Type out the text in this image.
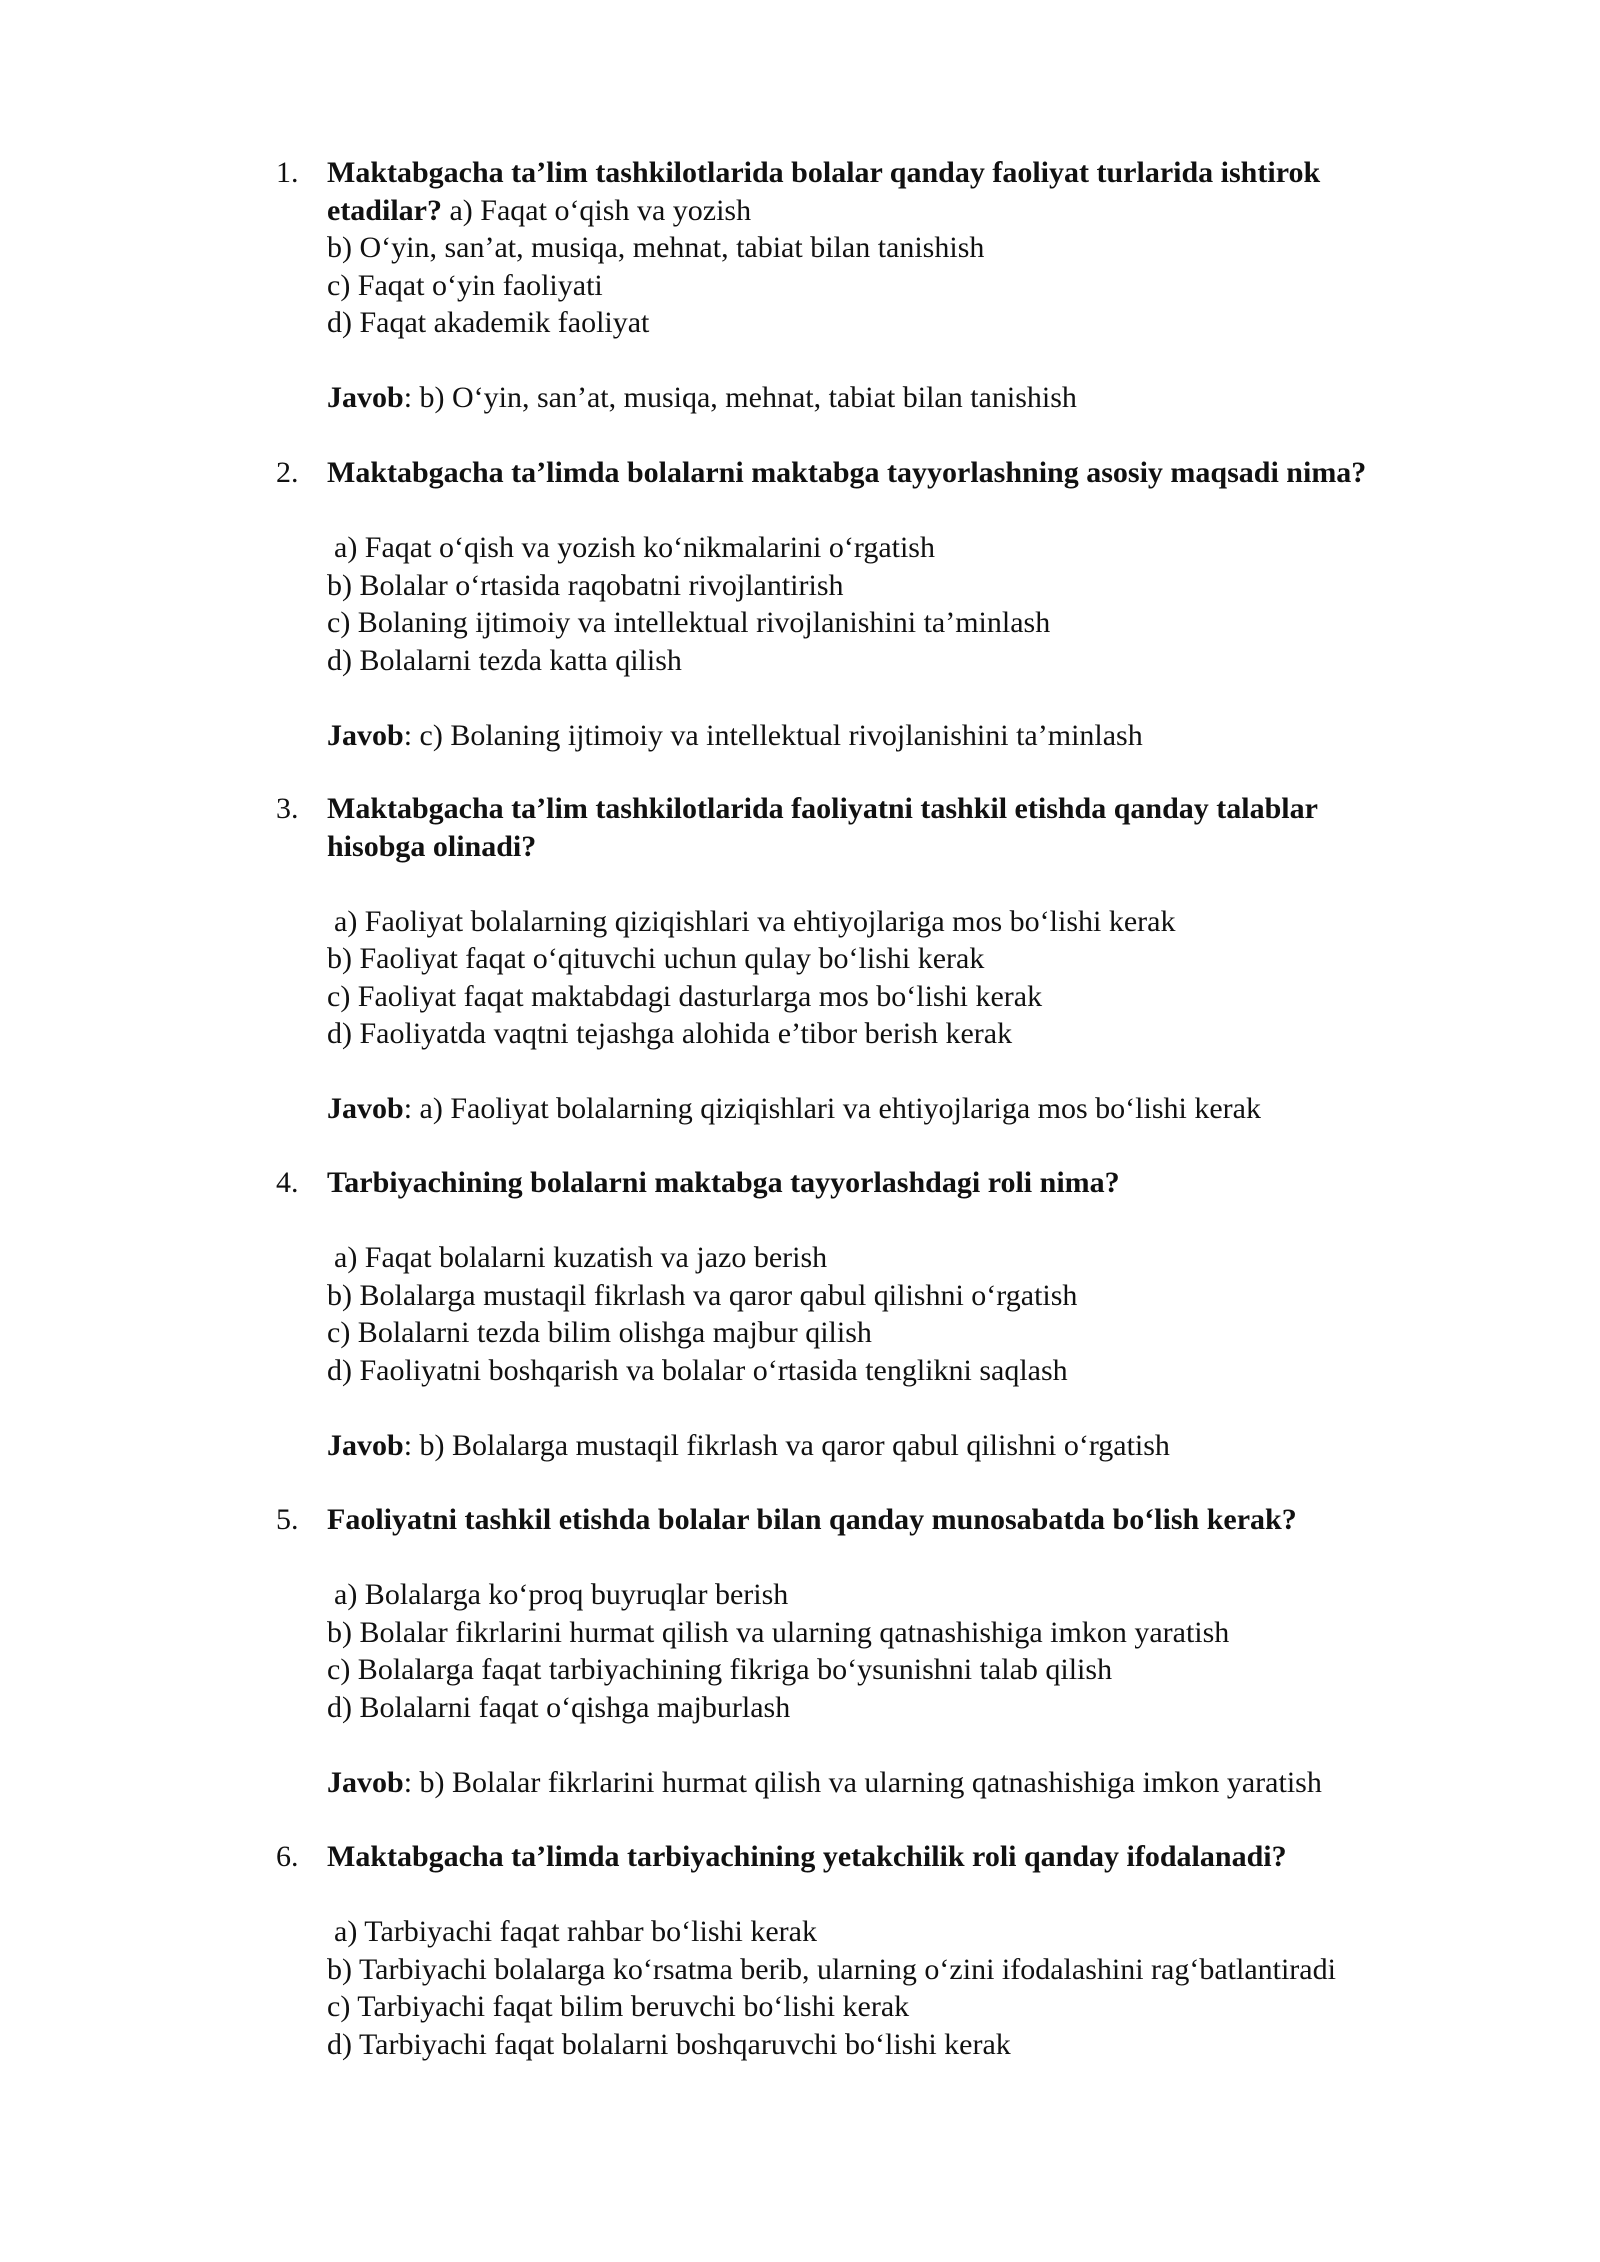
1. Maktabgacha ta’lim tashkilotlarida bolalar qanday faoliyat turlarida ishtirok
etadilar? a) Faqat o‘qish va yozish
b) O‘yin, san’at, musiqa, mehnat, tabiat bilan tanishish
c) Faqat o‘yin faoliyati
d) Faqat akademik faoliyat
Javob: b) O‘yin, san’at, musiqa, mehnat, tabiat bilan tanishish
2. Maktabgacha ta’limda bolalarni maktabga tayyorlashning asosiy maqsadi nima?
a) Faqat o‘qish va yozish ko‘nikmalarini o‘rgatish
b) Bolalar o‘rtasida raqobatni rivojlantirish
c) Bolaning ijtimoiy va intellektual rivojlanishini ta’minlash
d) Bolalarni tezda katta qilish
Javob: c) Bolaning ijtimoiy va intellektual rivojlanishini ta’minlash
3. Maktabgacha ta’lim tashkilotlarida faoliyatni tashkil etishda qanday talablar
hisobga olinadi?
a) Faoliyat bolalarning qiziqishlari va ehtiyojlariga mos bo‘lishi kerak
b) Faoliyat faqat o‘qituvchi uchun qulay bo‘lishi kerak
c) Faoliyat faqat maktabdagi dasturlarga mos bo‘lishi kerak
d) Faoliyatda vaqtni tejashga alohida e’tibor berish kerak
Javob: a) Faoliyat bolalarning qiziqishlari va ehtiyojlariga mos bo‘lishi kerak
4. Tarbiyachining bolalarni maktabga tayyorlashdagi roli nima?
a) Faqat bolalarni kuzatish va jazo berish
b) Bolalarga mustaqil fikrlash va qaror qabul qilishni o‘rgatish
c) Bolalarni tezda bilim olishga majbur qilish
d) Faoliyatni boshqarish va bolalar o‘rtasida tenglikni saqlash
Javob: b) Bolalarga mustaqil fikrlash va qaror qabul qilishni o‘rgatish
5. Faoliyatni tashkil etishda bolalar bilan qanday munosabatda bo‘lish kerak?
a) Bolalarga ko‘proq buyruqlar berish
b) Bolalar fikrlarini hurmat qilish va ularning qatnashishiga imkon yaratish
c) Bolalarga faqat tarbiyachining fikriga bo‘ysunishni talab qilish
d) Bolalarni faqat o‘qishga majburlash
Javob: b) Bolalar fikrlarini hurmat qilish va ularning qatnashishiga imkon yaratish
6. Maktabgacha ta’limda tarbiyachining yetakchilik roli qanday ifodalanadi?
a) Tarbiyachi faqat rahbar bo‘lishi kerak
b) Tarbiyachi bolalarga ko‘rsatma berib, ularning o‘zini ifodalashini rag‘batlantiradi
c) Tarbiyachi faqat bilim beruvchi bo‘lishi kerak
d) Tarbiyachi faqat bolalarni boshqaruvchi bo‘lishi kerak
